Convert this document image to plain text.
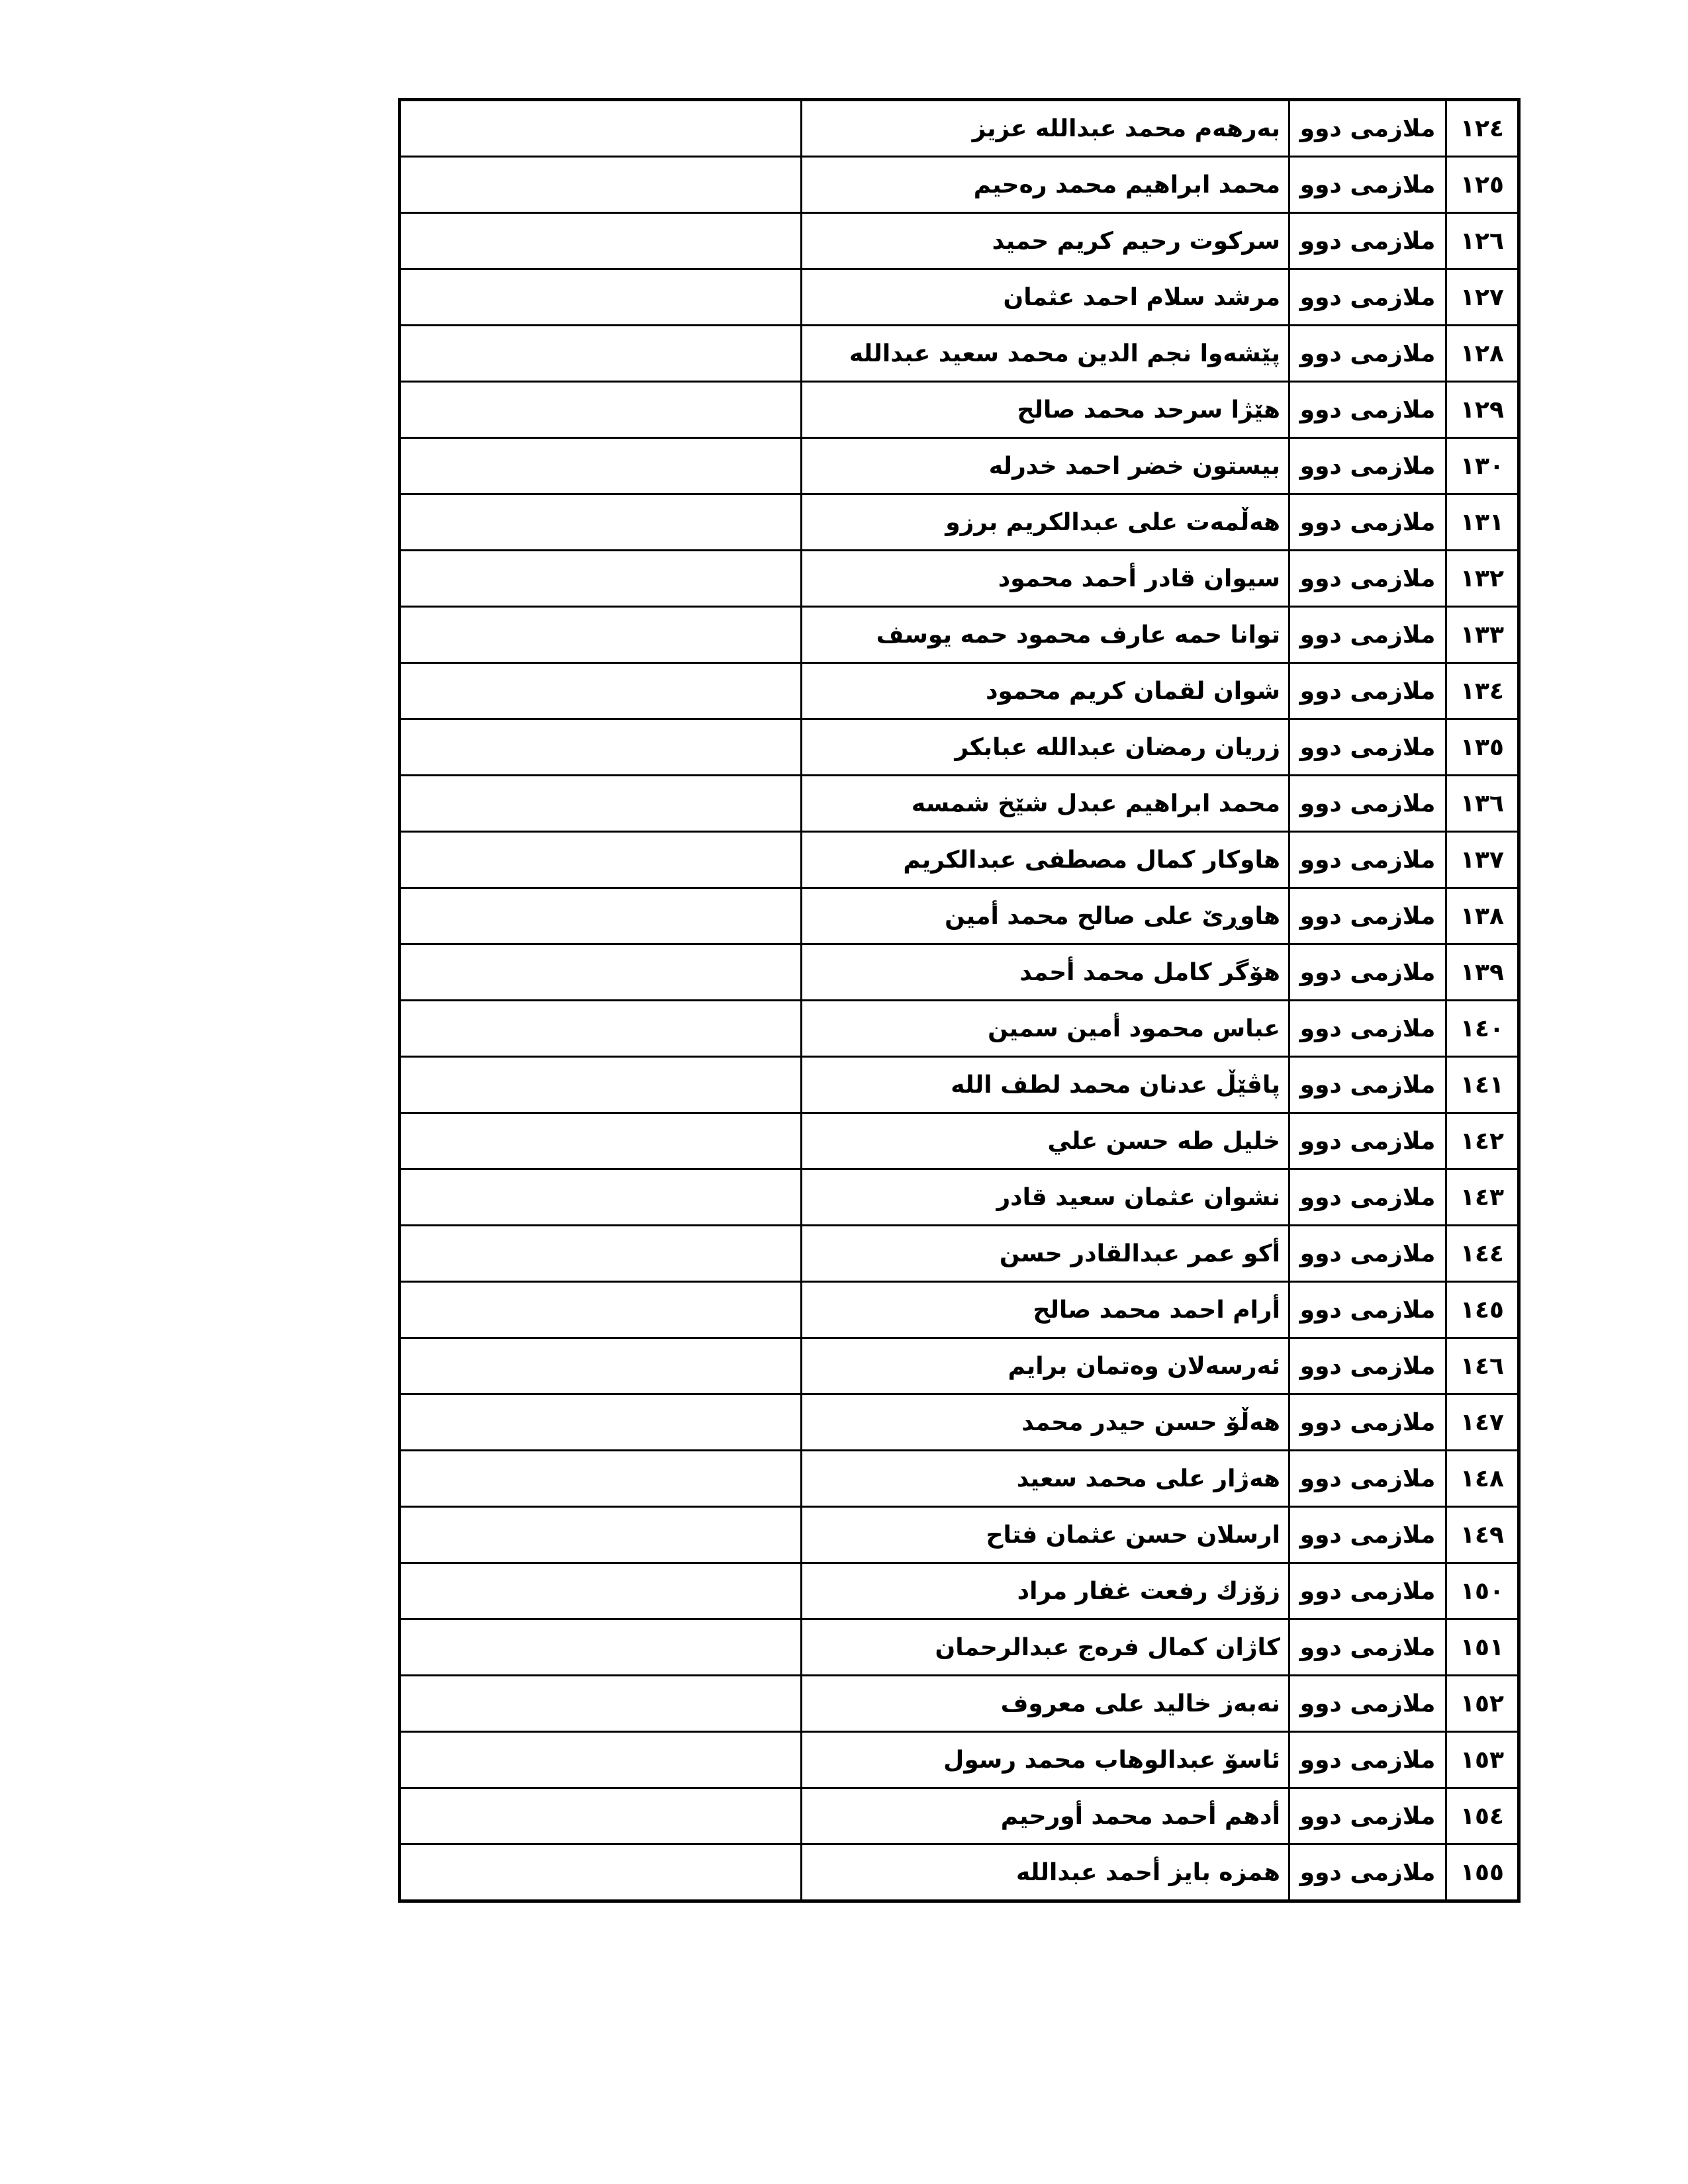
١٢٤	ملازمی دوو	بەرهەم محمد عبداللە عزيز	
١٢٥	ملازمی دوو	محمد ابراهيم محمد رەحيم	
١٢٦	ملازمی دوو	سركوت رحيم كريم حميد	
١٢٧	ملازمی دوو	مرشد سلام احمد عثمان	
١٢٨	ملازمی دوو	پێشەوا نجم الدين محمد سعيد عبداللە	
١٢٩	ملازمی دوو	هێژا سرحد محمد صالح	
١٣٠	ملازمی دوو	بيستون خضر احمد خدرلە	
١٣١	ملازمی دوو	هەڵمەت على عبدالكريم برزو	
١٣٢	ملازمی دوو	سيوان قادر أحمد محمود	
١٣٣	ملازمی دوو	توانا حمە عارف محمود حمە يوسف	
١٣٤	ملازمی دوو	شوان لقمان كريم محمود	
١٣٥	ملازمی دوو	زريان رمضان عبداللە عبابكر	
١٣٦	ملازمی دوو	محمد ابراهيم عبدل شێخ شمسە	
١٣٧	ملازمی دوو	هاوكار كمال مصطفى عبدالكريم	
١٣٨	ملازمی دوو	هاوڕێ على صالح محمد أمين	
١٣٩	ملازمی دوو	هۆگر كامل محمد أحمد	
١٤٠	ملازمی دوو	عباس محمود أمين سمين	
١٤١	ملازمی دوو	پاڤێڵ عدنان محمد لطف اللە	
١٤٢	ملازمی دوو	خليل طە حسن علي	
١٤٣	ملازمی دوو	نشوان عثمان سعيد قادر	
١٤٤	ملازمی دوو	أكو عمر عبدالقادر حسن	
١٤٥	ملازمی دوو	أرام احمد محمد صالح	
١٤٦	ملازمی دوو	ئەرسەلان وەتمان برايم	
١٤٧	ملازمی دوو	هەڵۆ حسن حيدر محمد	
١٤٨	ملازمی دوو	هەژار على محمد سعيد	
١٤٩	ملازمی دوو	ارسلان حسن عثمان فتاح	
١٥٠	ملازمی دوو	زۆزك رفعت غفار مراد	
١٥١	ملازمی دوو	كاژان كمال فرەج عبدالرحمان	
١٥٢	ملازمی دوو	نەبەز خاليد على معروف	
١٥٣	ملازمی دوو	ئاسۆ عبدالوهاب محمد رسول	
١٥٤	ملازمی دوو	أدهم أحمد محمد أورحيم	
١٥٥	ملازمی دوو	همزە بايز أحمد عبداللە	
